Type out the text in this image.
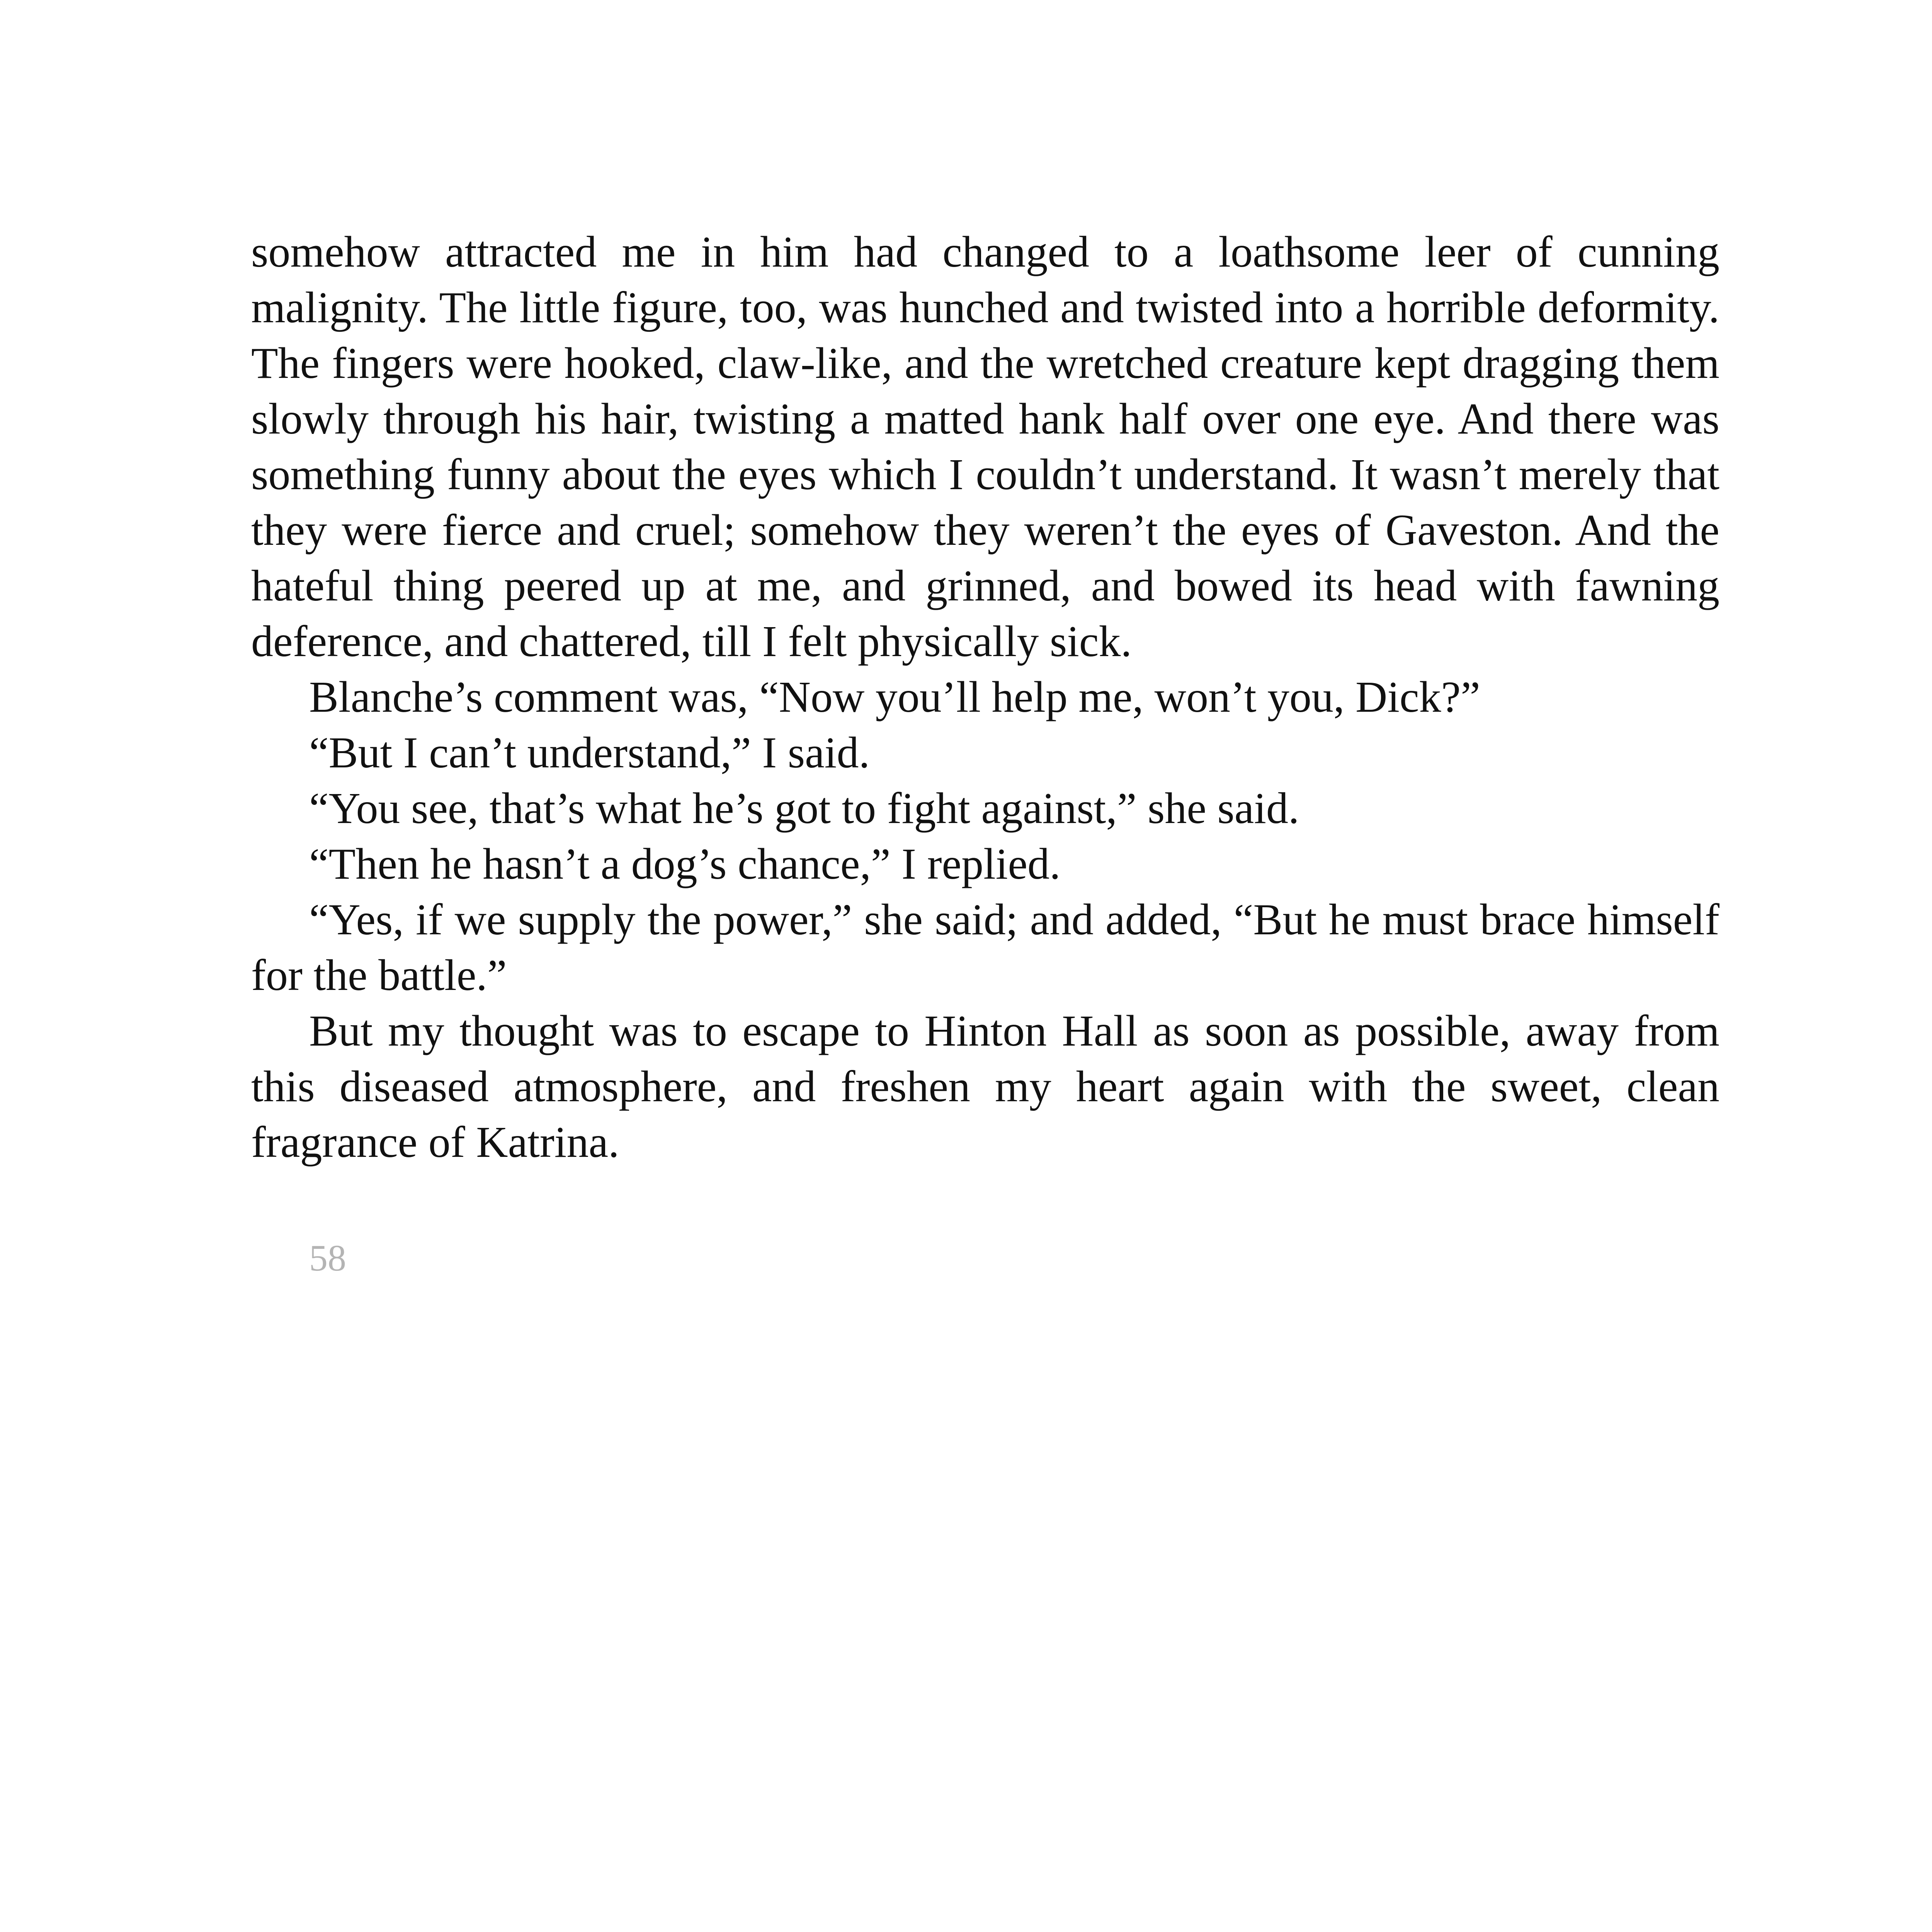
somehow attracted me in him had changed to a loathsome leer of cunning malignity. The little figure, too, was hunched and twisted into a horrible deformity. The fingers were hooked, claw-like, and the wretched creature kept dragging them slowly through his hair, twisting a matted hank half over one eye. And there was something funny about the eyes which I couldn’t understand. It wasn’t merely that they were fierce and cruel; somehow they weren’t the eyes of Gaveston. And the hateful thing peered up at me, and grinned, and bowed its head with fawning deference, and chattered, till I felt physically sick.

Blanche’s comment was, “Now you’ll help me, won’t you, Dick?”

“But I can’t understand,” I said.

“You see, that’s what he’s got to fight against,” she said.

“Then he hasn’t a dog’s chance,” I replied.

“Yes, if we supply the power,” she said; and added, “But he must brace himself for the battle.”

But my thought was to escape to Hinton Hall as soon as possible, away from this diseased atmosphere, and freshen my heart again with the sweet, clean fragrance of Katrina.

58
